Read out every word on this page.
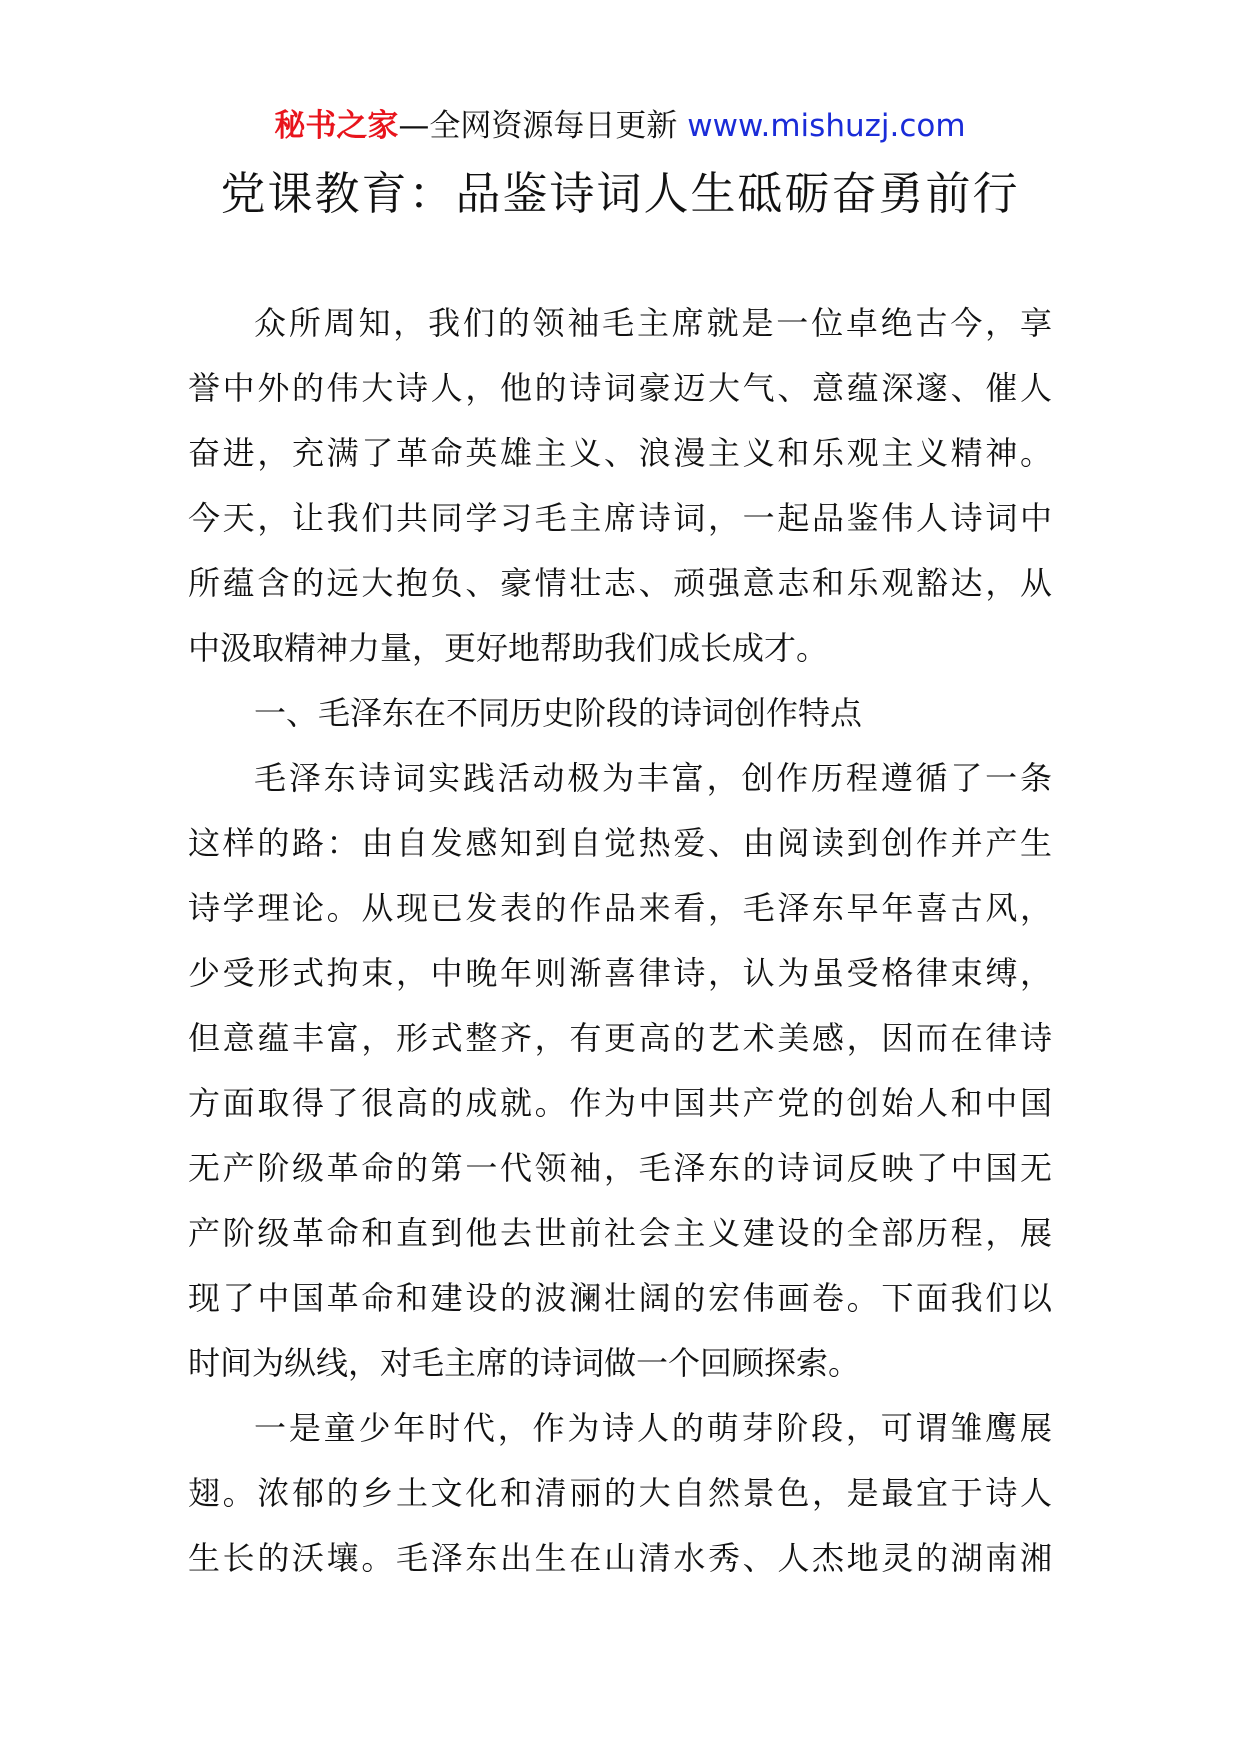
秘书之家—全网资源每日更新 www.mishuzj.com
党课教育：品鉴诗词人生砥砺奋勇前行
众所周知，我们的领袖毛主席就是一位卓绝古今，享
誉中外的伟大诗人，他的诗词豪迈大气、意蕴深邃、催人
奋进，充满了革命英雄主义、浪漫主义和乐观主义精神。
今天，让我们共同学习毛主席诗词，一起品鉴伟人诗词中
所蕴含的远大抱负、豪情壮志、顽强意志和乐观豁达，从
中汲取精神力量，更好地帮助我们成长成才。
一、毛泽东在不同历史阶段的诗词创作特点
毛泽东诗词实践活动极为丰富，创作历程遵循了一条
这样的路：由自发感知到自觉热爱、由阅读到创作并产生
诗学理论。从现已发表的作品来看，毛泽东早年喜古风，
少受形式拘束，中晚年则渐喜律诗，认为虽受格律束缚，
但意蕴丰富，形式整齐，有更高的艺术美感，因而在律诗
方面取得了很高的成就。作为中国共产党的创始人和中国
无产阶级革命的第一代领袖，毛泽东的诗词反映了中国无
产阶级革命和直到他去世前社会主义建设的全部历程，展
现了中国革命和建设的波澜壮阔的宏伟画卷。下面我们以
时间为纵线，对毛主席的诗词做一个回顾探索。
一是童少年时代，作为诗人的萌芽阶段，可谓雏鹰展
翅。浓郁的乡土文化和清丽的大自然景色，是最宜于诗人
生长的沃壤。毛泽东出生在山清水秀、人杰地灵的湖南湘
